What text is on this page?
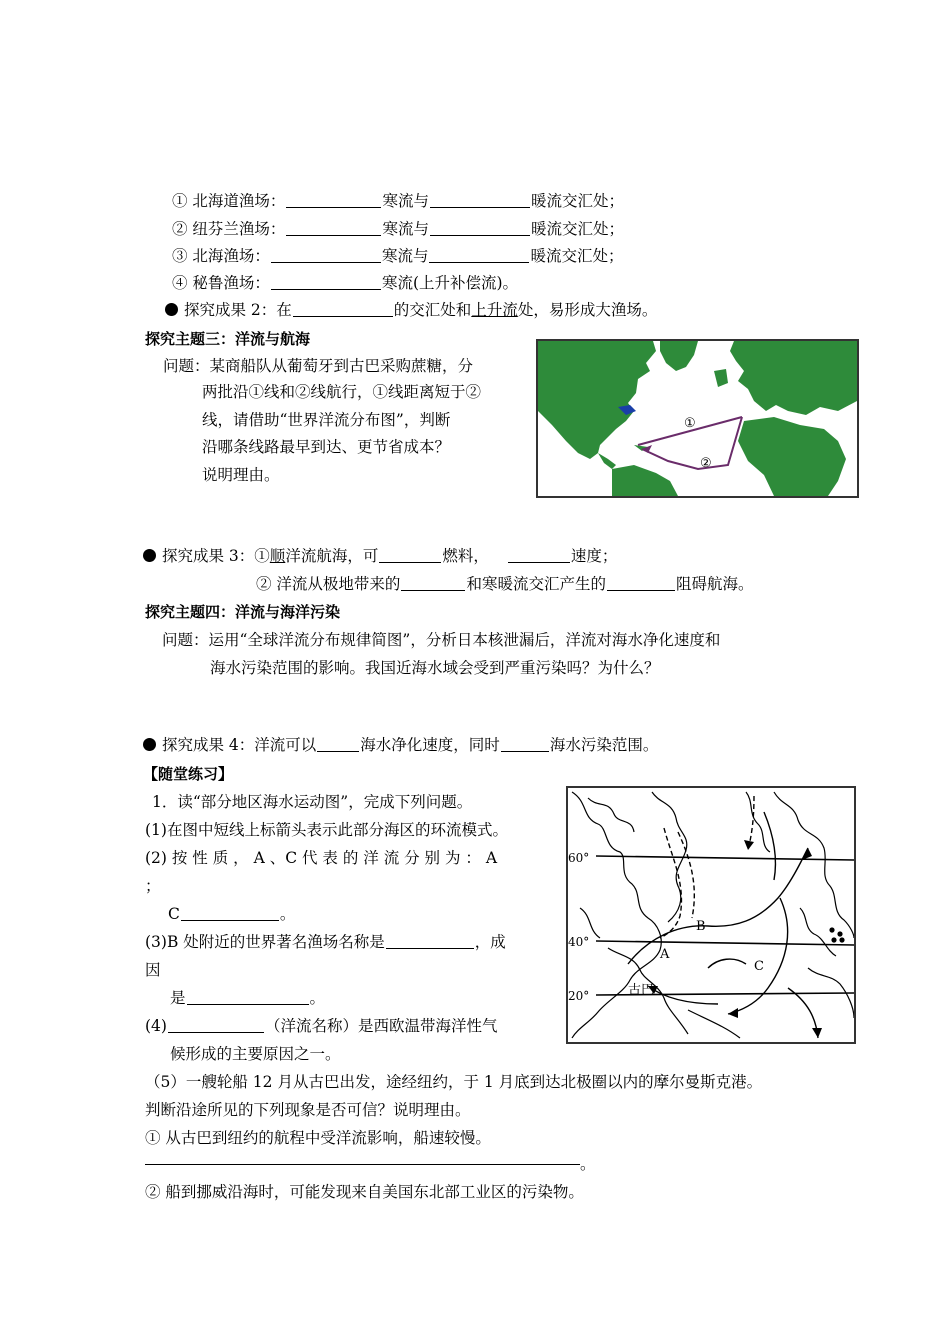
① 北海道渔场：	寒流与	暖流交汇处；
② 纽芬兰渔场：	寒流与	暖流交汇处；
③ 北海渔场：	寒流与	暖流交汇处；
④ 秘鲁渔场：	寒流(上升补偿流)。
探究成果 2：在	的交汇处和上升流处，易形成大渔场。
探究主题三：洋流与航海
问题：某商船队从葡萄牙到古巴采购蔗糖，分
两批沿①线和②线航行，①线距离短于②
线，请借助“世界洋流分布图”，判断
沿哪条线路最早到达、更节省成本？
说明理由。
①
②
探究成果 3：①顺洋流航海，可	燃料，	速度；
② 洋流从极地带来的	和寒暖流交汇产生的	阻碍航海。
探究主题四：洋流与海洋污染
问题：运用“全球洋流分布规律简图”，分析日本核泄漏后，洋流对海水净化速度和
海水污染范围的影响。我国近海水域会受到严重污染吗？为什么？
探究成果 4：洋流可以	海水净化速度，同时	海水污染范围。
【随堂练习】
1．读“部分地区海水运动图”，完成下列问题。
(1)在图中短线上标箭头表示此部分海区的环流模式。
(2) 按 性 质 ， A 、C 代 表 的 洋 流 分 别 为 ： A
；
C	。
(3)B 处附近的世界著名渔场名称是	，成
因
是	。
(4)	（洋流名称）是西欧温带海洋性气
候形成的主要原因之一。
（5）一艘轮船 12 月从古巴出发，途经纽约，于 1 月底到达北极圈以内的摩尔曼斯克港。
判断沿途所见的下列现象是否可信？说明理由。
① 从古巴到纽约的航程中受洋流影响，船速较慢。
。
② 船到挪威沿海时，可能发现来自美国东北部工业区的污染物。
60°
40°
20°
A
B
C
古巴
